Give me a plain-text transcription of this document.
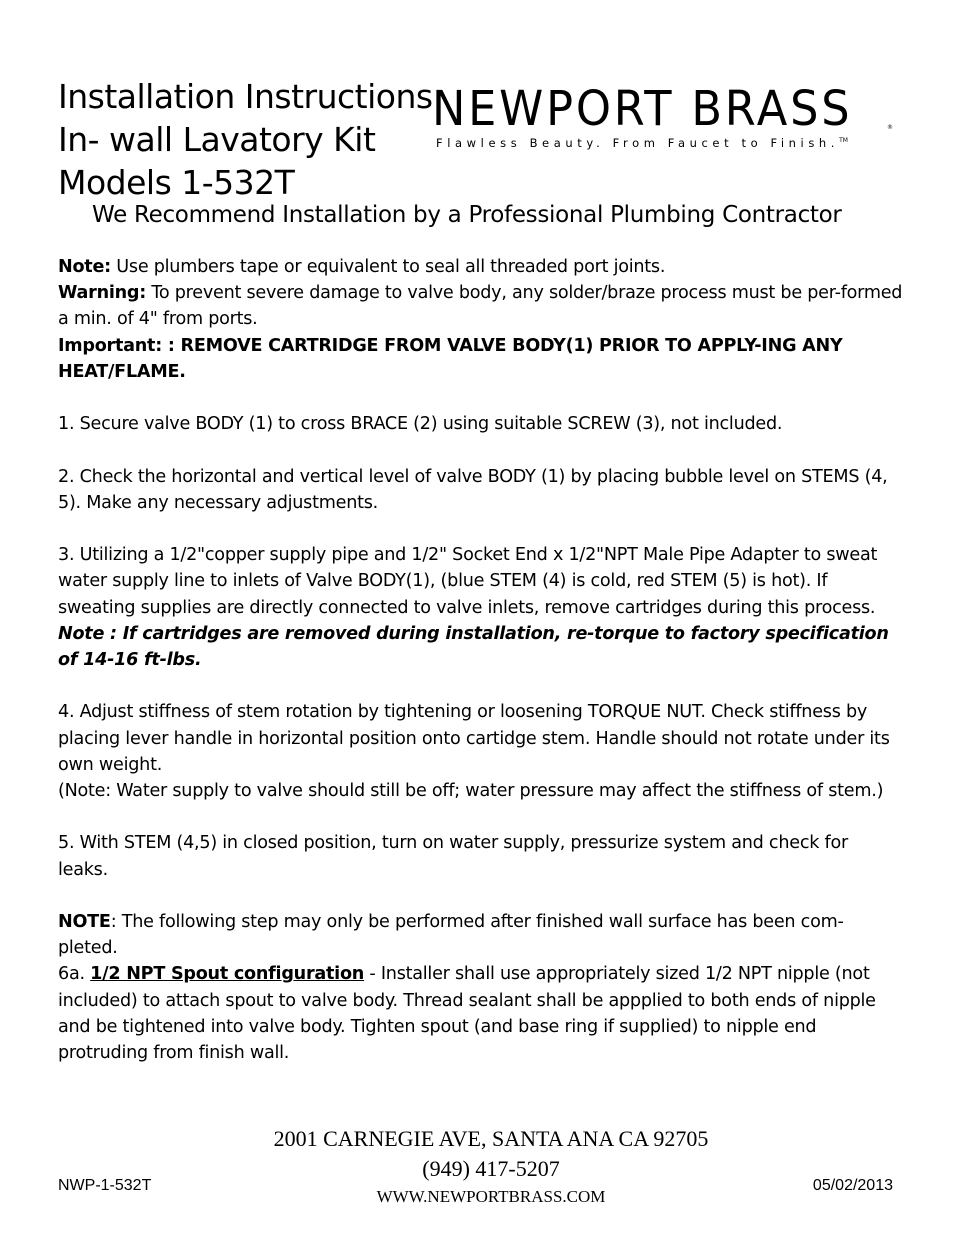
Installation Instructions
In- wall Lavatory Kit
Models 1-532T
NEWPORT BRASS
Flawless Beauty. From Faucet to Finish.™
®
We Recommend Installation by a Professional Plumbing Contractor

Note: Use plumbers tape or equivalent to seal all threaded port joints.

Warning: To prevent severe damage to valve body, any solder/braze process must be per-formed a min. of 4" from ports.

Important: : REMOVE CARTRIDGE FROM VALVE BODY(1) PRIOR TO APPLY-ING ANY HEAT/FLAME.

1. Secure valve BODY (1) to cross BRACE (2) using suitable SCREW (3), not included.

2. Check the horizontal and vertical level of valve BODY (1) by placing bubble level on STEMS (4, 5). Make any necessary adjustments.

3. Utilizing a 1/2"copper supply pipe and 1/2" Socket End x 1/2"NPT Male Pipe Adapter to sweat water supply line to inlets of Valve BODY(1), (blue STEM (4) is cold, red STEM (5) is hot). If sweating supplies are directly connected to valve inlets, remove cartridges during this process.

Note : If cartridges are removed during installation, re-torque to factory specification of 14-16 ft-lbs.

4. Adjust stiffness of stem rotation by tightening or loosening TORQUE NUT. Check stiffness by placing lever handle in horizontal position onto cartidge stem. Handle should not rotate under its own weight.

(Note: Water supply to valve should still be off; water pressure may affect the stiffness of stem.)

5. With STEM (4,5) in closed position, turn on water supply, pressurize system and check for leaks.

NOTE: The following step may only be performed after finished wall surface has been com-pleted.

6a. 1/2 NPT Spout configuration - Installer shall use appropriately sized 1/2 NPT nipple (not included) to attach spout to valve body. Thread sealant shall be appplied to both ends of nipple and be tightened into valve body. Tighten spout (and base ring if supplied) to nipple end protruding from finish wall.

2001 CARNEGIE AVE, SANTA ANA CA 92705
(949) 417-5207
WWW.NEWPORTBRASS.COM
NWP-1-532T	05/02/2013
